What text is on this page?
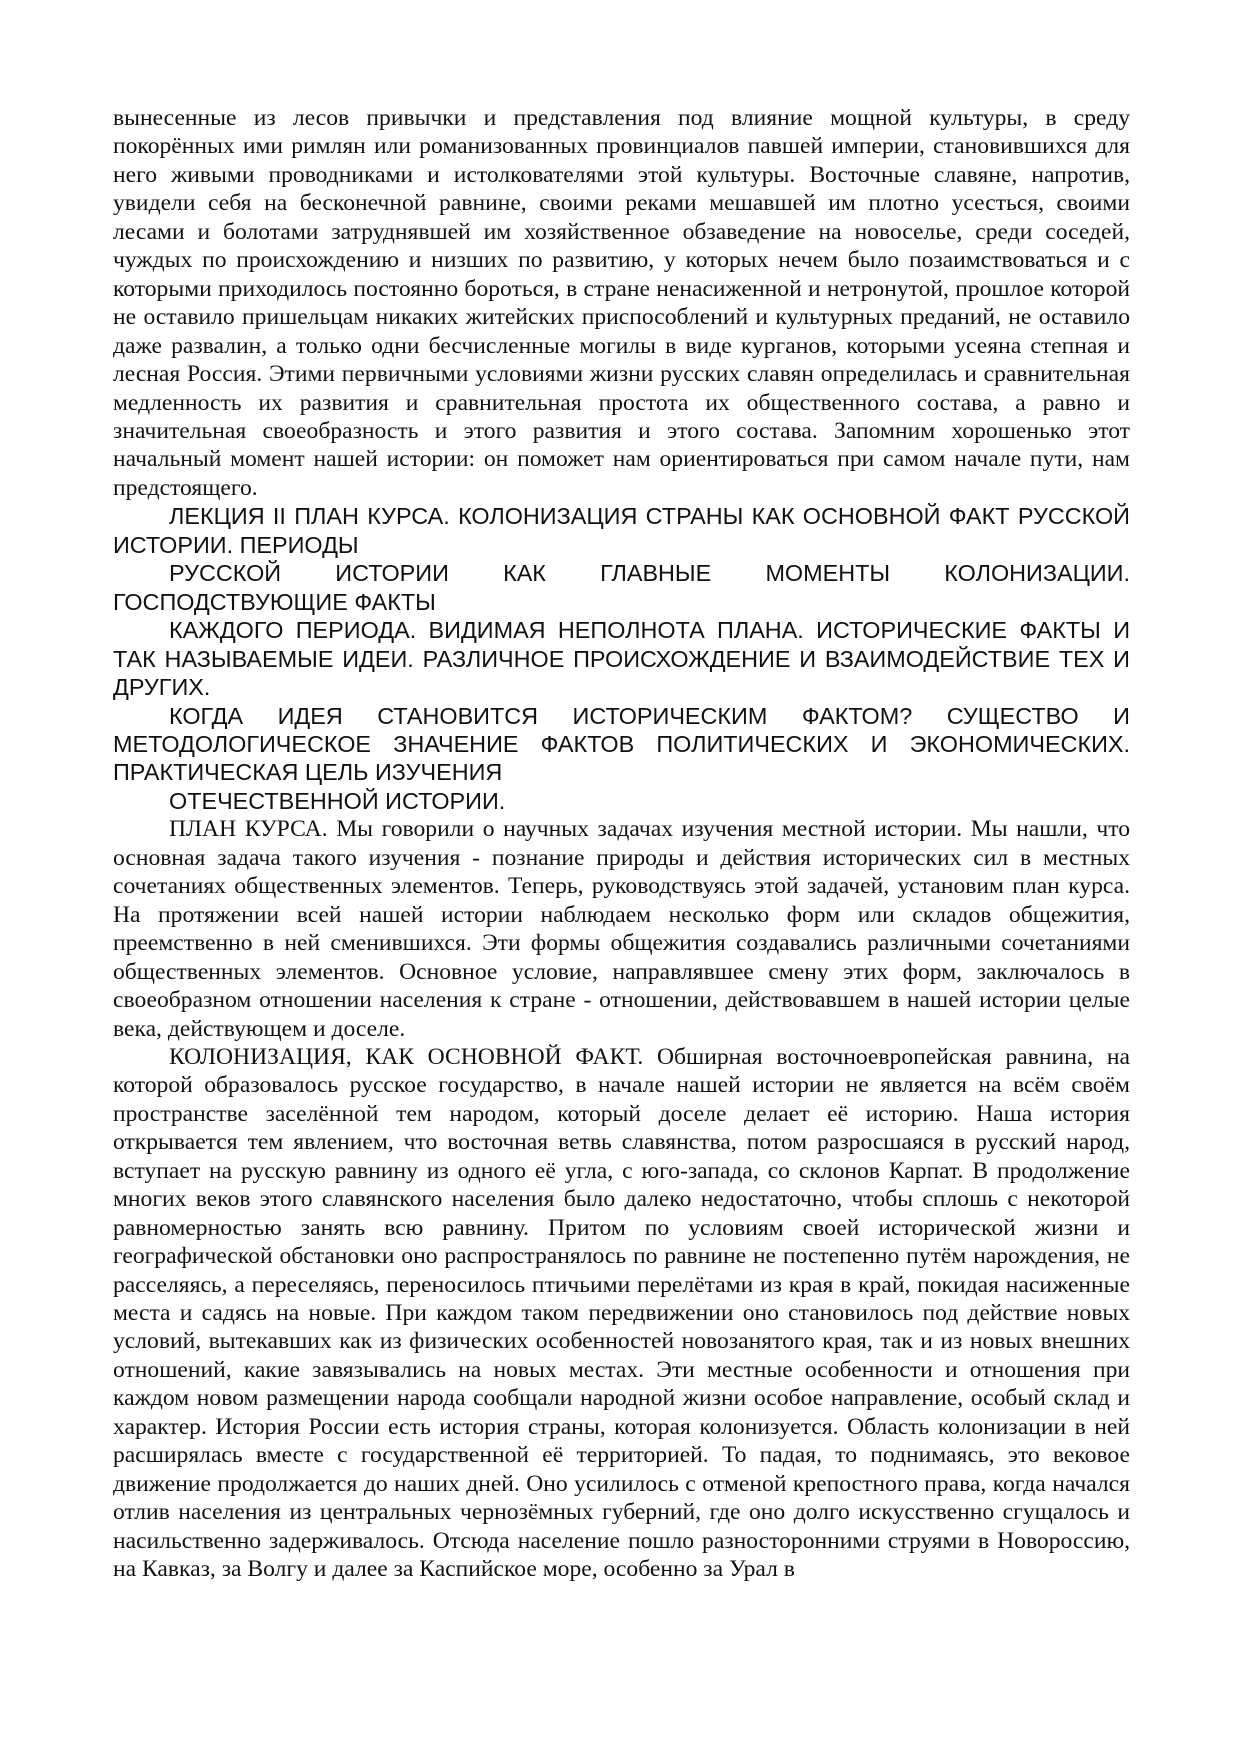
вынесенные из лесов привычки и представления под влияние мощной культуры, в среду покорённых ими римлян или романизованных провинциалов павшей империи, становившихся для него живыми проводниками и истолкователями этой культуры. Восточные славяне, напротив, увидели себя на бесконечной равнине, своими реками мешавшей им плотно усесться, своими лесами и болотами затруднявшей им хозяйственное обзаведение на новоселье, среди соседей, чуждых по происхождению и низших по развитию, у которых нечем было позаимствоваться и с которыми приходилось постоянно бороться, в стране ненасиженной и нетронутой, прошлое которой не оставило пришельцам никаких житейских приспособлений и культурных преданий, не оставило даже развалин, а только одни бесчисленные могилы в виде курганов, которыми усеяна степная и лесная Россия. Этими первичными условиями жизни русских славян определилась и сравнительная медленность их развития и сравнительная простота их общественного состава, а равно и значительная своеобразность и этого развития и этого состава. Запомним хорошенько этот начальный момент нашей истории: он поможет нам ориентироваться при самом начале пути, нам предстоящего.

ЛЕКЦИЯ II ПЛАН КУРСА. КОЛОНИЗАЦИЯ СТРАНЫ КАК ОСНОВНОЙ ФАКТ РУССКОЙ ИСТОРИИ. ПЕРИОДЫ

РУССКОЙ ИСТОРИИ КАК ГЛАВНЫЕ МОМЕНТЫ КОЛОНИЗАЦИИ. ГОСПОДСТВУЮЩИЕ ФАКТЫ

КАЖДОГО ПЕРИОДА. ВИДИМАЯ НЕПОЛНОТА ПЛАНА. ИСТОРИЧЕСКИЕ ФАКТЫ И ТАК НАЗЫВАЕМЫЕ ИДЕИ. РАЗЛИЧНОЕ ПРОИСХОЖДЕНИЕ И ВЗАИМОДЕЙСТВИЕ ТЕХ И ДРУГИХ.

КОГДА ИДЕЯ СТАНОВИТСЯ ИСТОРИЧЕСКИМ ФАКТОМ? СУЩЕСТВО И МЕТОДОЛОГИЧЕСКОЕ ЗНАЧЕНИЕ ФАКТОВ ПОЛИТИЧЕСКИХ И ЭКОНОМИЧЕСКИХ. ПРАКТИЧЕСКАЯ ЦЕЛЬ ИЗУЧЕНИЯ

ОТЕЧЕСТВЕННОЙ ИСТОРИИ.

ПЛАН КУРСА. Мы говорили о научных задачах изучения местной истории. Мы нашли, что основная задача такого изучения - познание природы и действия исторических сил в местных сочетаниях общественных элементов. Теперь, руководствуясь этой задачей, установим план курса. На протяжении всей нашей истории наблюдаем несколько форм или складов общежития, преемственно в ней сменившихся. Эти формы общежития создавались различными сочетаниями общественных элементов. Основное условие, направлявшее смену этих форм, заключалось в своеобразном отношении населения к стране - отношении, действовавшем в нашей истории целые века, действующем и доселе.

КОЛОНИЗАЦИЯ, КАК ОСНОВНОЙ ФАКТ. Обширная восточноевропейская равнина, на которой образовалось русское государство, в начале нашей истории не является на всём своём пространстве заселённой тем народом, который доселе делает её историю. Наша история открывается тем явлением, что восточная ветвь славянства, потом разросшаяся в русский народ, вступает на русскую равнину из одного её угла, с юго-запада, со склонов Карпат. В продолжение многих веков этого славянского населения было далеко недостаточно, чтобы сплошь с некоторой равномерностью занять всю равнину. Притом по условиям своей исторической жизни и географической обстановки оно распространялось по равнине не постепенно путём нарождения, не расселяясь, а переселяясь, переносилось птичьими перелётами из края в край, покидая насиженные места и садясь на новые. При каждом таком передвижении оно становилось под действие новых условий, вытекавших как из физических особенностей новозанятого края, так и из новых внешних отношений, какие завязывались на новых местах. Эти местные особенности и отношения при каждом новом размещении народа сообщали народной жизни особое направление, особый склад и характер. История России есть история страны, которая колонизуется. Область колонизации в ней расширялась вместе с государственной её территорией. То падая, то поднимаясь, это вековое движение продолжается до наших дней. Оно усилилось с отменой крепостного права, когда начался отлив населения из центральных чернозёмных губерний, где оно долго искусственно сгущалось и насильственно задерживалось. Отсюда население пошло разносторонними струями в Новороссию, на Кавказ, за Волгу и далее за Каспийское море, особенно за Урал в
